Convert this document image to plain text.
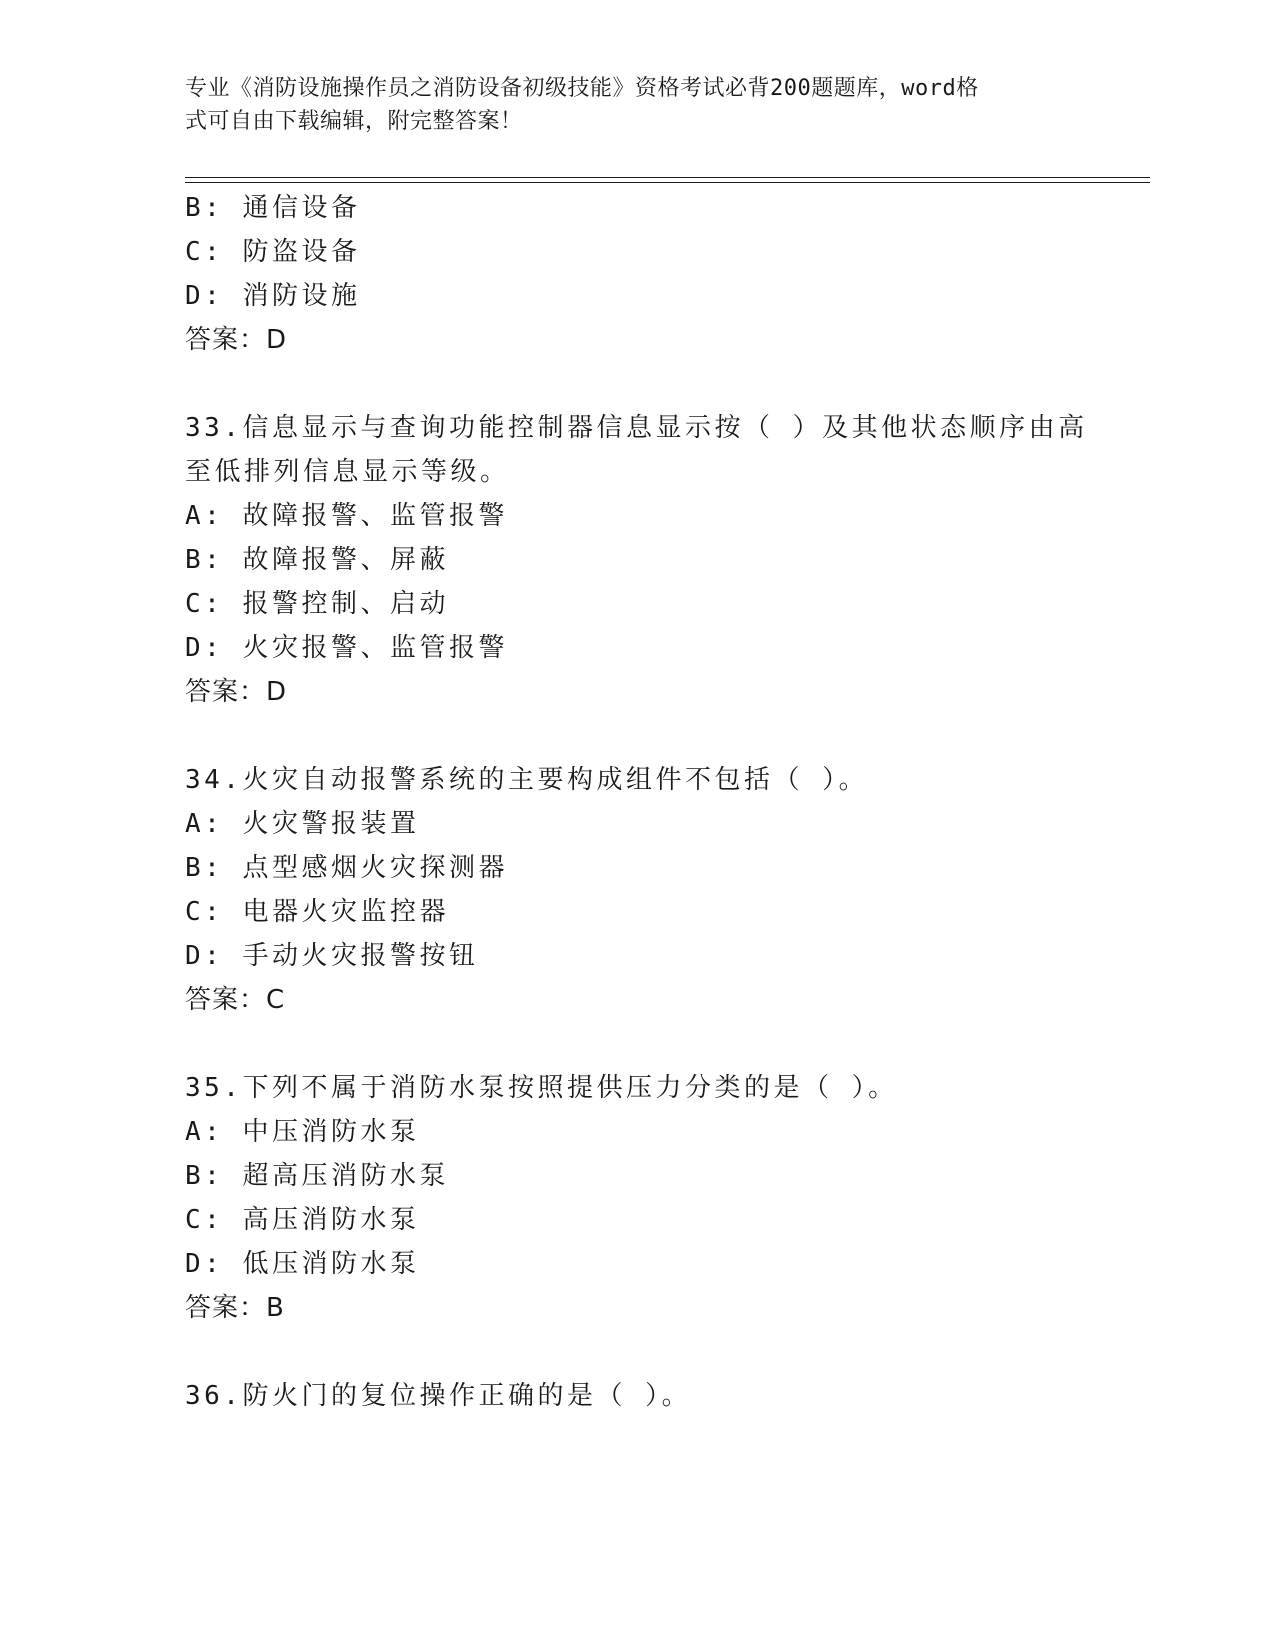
专业《消防设施操作员之消防设备初级技能》资格考试必背200题题库，word格
式可自由下载编辑，附完整答案！
B: 通信设备
C: 防盗设备
D: 消防设施
答案：D
33.信息显示与查询功能控制器信息显示按（ ）及其他状态顺序由高
至低排列信息显示等级。
A: 故障报警、监管报警
B: 故障报警、屏蔽
C: 报警控制、启动
D: 火灾报警、监管报警
答案：D
34.火灾自动报警系统的主要构成组件不包括（ ）。
A: 火灾警报装置
B: 点型感烟火灾探测器
C: 电器火灾监控器
D: 手动火灾报警按钮
答案：C
35.下列不属于消防水泵按照提供压力分类的是（ ）。
A: 中压消防水泵
B: 超高压消防水泵
C: 高压消防水泵
D: 低压消防水泵
答案：B
36.防火门的复位操作正确的是（ ）。
